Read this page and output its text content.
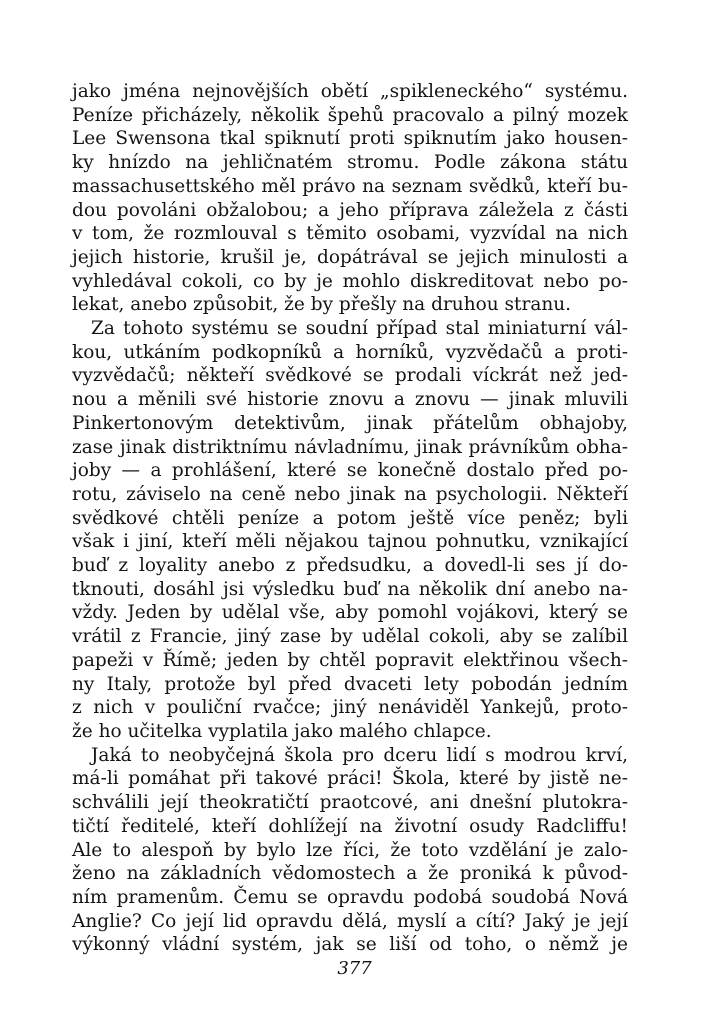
jako jména nejnovějších obětí „spikleneckého“ systému.
Peníze přicházely, několik špehů pracovalo a pilný mozek
Lee Swensona tkal spiknutí proti spiknutím jako housen-
ky hnízdo na jehličnatém stromu. Podle zákona státu
massachusettského měl právo na seznam svědků, kteří bu-
dou povoláni obžalobou; a jeho příprava záležela z části
v tom, že rozmlouval s těmito osobami, vyzvídal na nich
jejich historie, krušil je, dopátrával se jejich minulosti a
vyhledával cokoli, co by je mohlo diskreditovat nebo po-
lekat, anebo způsobit, že by přešly na druhou stranu.

Za tohoto systému se soudní případ stal miniaturní vál-
kou, utkáním podkopníků a horníků, vyzvědačů a proti-
vyzvědačů; někteří svědkové se prodali víckrát než jed-
nou a měnili své historie znovu a znovu — jinak mluvili
Pinkertonovým detektivům, jinak přátelům obhajoby,
zase jinak distriktnímu návladnímu, jinak právníkům obha-
joby — a prohlášení, které se konečně dostalo před po-
rotu, záviselo na ceně nebo jinak na psychologii. Někteří
svědkové chtěli peníze a potom ještě více peněz; byli
však i jiní, kteří měli nějakou tajnou pohnutku, vznikající
buď z loyality anebo z předsudku, a dovedl-li ses jí do-
tknouti, dosáhl jsi výsledku buď na několik dní anebo na-
vždy. Jeden by udělal vše, aby pomohl vojákovi, který se
vrátil z Francie, jiný zase by udělal cokoli, aby se zalíbil
papeži v Římě; jeden by chtěl popravit elektřinou všech-
ny Italy, protože byl před dvaceti lety pobodán jedním
z nich v pouliční rvačce; jiný nenáviděl Yankejů, proto-
že ho učitelka vyplatila jako malého chlapce.

Jaká to neobyčejná škola pro dceru lidí s modrou krví,
má-li pomáhat při takové práci! Škola, které by jistě ne-
schválili její theokratičtí praotcové, ani dnešní plutokra-
tičtí ředitelé, kteří dohlížejí na životní osudy Radcliffu!
Ale to alespoň by bylo lze říci, že toto vzdělání je zalo-
ženo na základních vědomostech a že proniká k původ-
ním pramenům. Čemu se opravdu podobá soudobá Nová
Anglie? Co její lid opravdu dělá, myslí a cítí? Jaký je její
výkonný vládní systém, jak se liší od toho, o němž je

377
